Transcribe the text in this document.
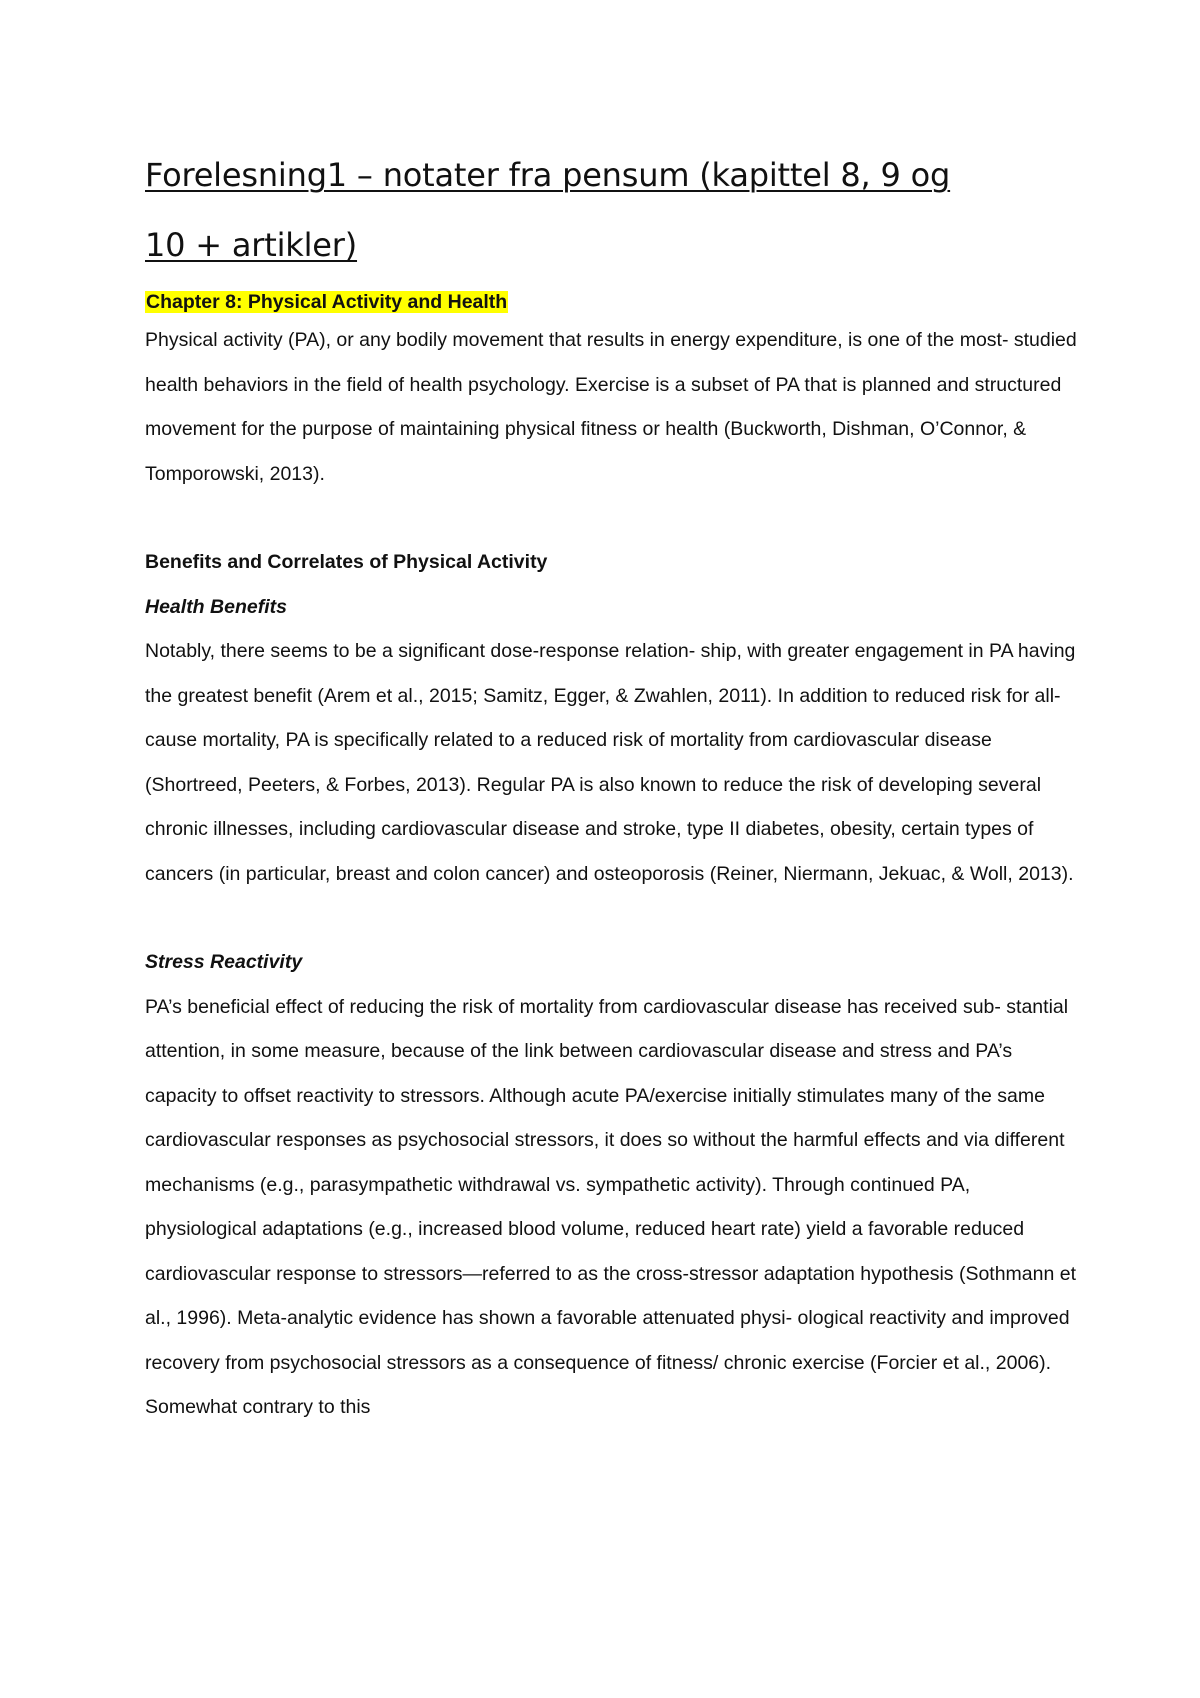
Forelesning1 – notater fra pensum (kapittel 8, 9 og
10 + artikler)
Chapter 8: Physical Activity and Health

Physical activity (PA), or any bodily movement that results in energy expenditure, is one of the most- studied health behaviors in the field of health psychology. Exercise is a subset of PA that is planned and structured movement for the purpose of maintaining physical fitness or health (Buckworth, Dishman, O’Connor, & Tomporowski, 2013).

Benefits and Correlates of Physical Activity
Health Benefits

Notably, there seems to be a significant dose-response relation- ship, with greater engagement in PA having the greatest benefit (Arem et al., 2015; Samitz, Egger, & Zwahlen, 2011). In addition to reduced risk for all-cause mortality, PA is specifically related to a reduced risk of mortality from cardiovascular disease (Shortreed, Peeters, & Forbes, 2013). Regular PA is also known to reduce the risk of developing several chronic illnesses, including cardiovascular disease and stroke, type II diabetes, obesity, certain types of cancers (in particular, breast and colon cancer) and osteoporosis (Reiner, Niermann, Jekuac, & Woll, 2013).

Stress Reactivity

PA’s beneficial effect of reducing the risk of mortality from cardiovascular disease has received sub- stantial attention, in some measure, because of the link between cardiovascular disease and stress and PA’s capacity to offset reactivity to stressors. Although acute PA/exercise initially stimulates many of the same cardiovascular responses as psychosocial stressors, it does so without the harmful effects and via different mechanisms (e.g., parasympathetic withdrawal vs. sympathetic activity). Through continued PA, physiological adaptations (e.g., increased blood volume, reduced heart rate) yield a favorable reduced cardiovascular response to stressors—referred to as the cross-stressor adaptation hypothesis (Sothmann et al., 1996). Meta-analytic evidence has shown a favorable attenuated physi- ological reactivity and improved recovery from psychosocial stressors as a consequence of fitness/ chronic exercise (Forcier et al., 2006). Somewhat contrary to this
